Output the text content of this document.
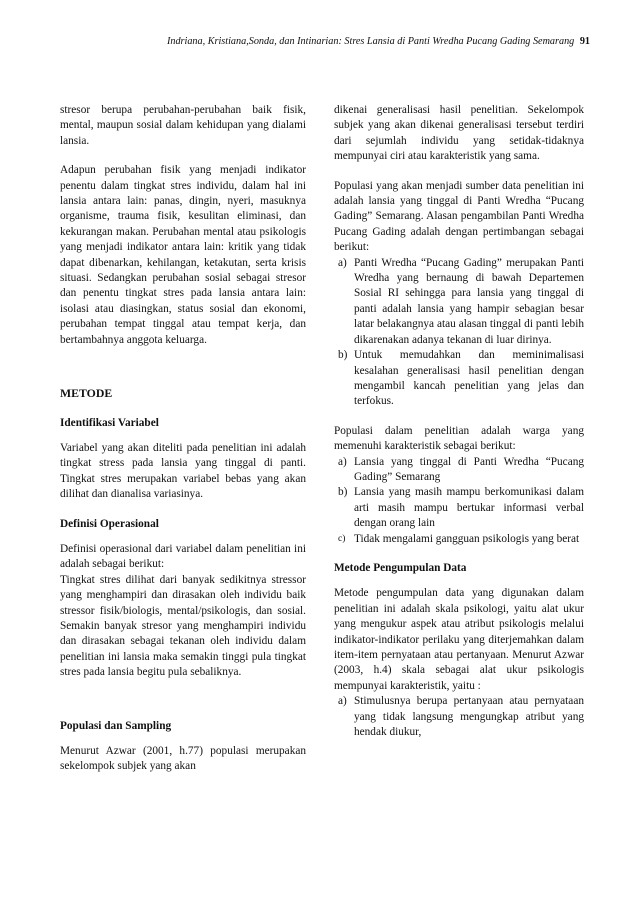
Indriana, Kristiana,Sonda, dan Intinarian: Stres Lansia di Panti Wredha Pucang Gading Semarang 91

stresor berupa perubahan-perubahan baik fisik, mental, maupun sosial dalam kehidupan yang dialami lansia.

Adapun perubahan fisik yang menjadi indikator penentu dalam tingkat stres individu, dalam hal ini lansia antara lain: panas, dingin, nyeri, masuknya organisme, trauma fisik, kesulitan eliminasi, dan kekurangan makan. Perubahan mental atau psikologis yang menjadi indikator antara lain: kritik yang tidak dapat dibenarkan, kehilangan, ketakutan, serta krisis situasi. Sedangkan perubahan sosial sebagai stresor dan penentu tingkat stres pada lansia antara lain: isolasi atau diasingkan, status sosial dan ekonomi, perubahan tempat tinggal atau tempat kerja, dan bertambahnya anggota keluarga.

METODE
Identifikasi Variabel

Variabel yang akan diteliti pada penelitian ini adalah tingkat stress pada lansia yang tinggal di panti. Tingkat stres merupakan variabel bebas yang akan dilihat dan dianalisa variasinya.

Definisi Operasional

Definisi operasional dari variabel dalam penelitian ini adalah sebagai berikut:

Tingkat stres dilihat dari banyak sedikitnya stressor yang menghampiri dan dirasakan oleh individu baik stressor fisik/biologis, mental/psikologis, dan sosial. Semakin banyak stresor yang menghampiri individu dan dirasakan sebagai tekanan oleh individu dalam penelitian ini lansia maka semakin tinggi pula tingkat stres pada lansia begitu pula sebaliknya.

Populasi dan Sampling

Menurut Azwar (2001, h.77) populasi merupakan sekelompok subjek yang akan

dikenai generalisasi hasil penelitian. Sekelompok subjek yang akan dikenai generalisasi tersebut terdiri dari sejumlah individu yang setidak-tidaknya mempunyai ciri atau karakteristik yang sama.

Populasi yang akan menjadi sumber data penelitian ini adalah lansia yang tinggal di Panti Wredha “Pucang Gading” Semarang. Alasan pengambilan Panti Wredha Pucang Gading adalah dengan pertimbangan sebagai berikut:

a) Panti Wredha “Pucang Gading” merupakan Panti Wredha yang bernaung di bawah Departemen Sosial RI sehingga para lansia yang tinggal di panti adalah lansia yang hampir sebagian besar latar belakangnya atau alasan tinggal di panti lebih dikarenakan adanya tekanan di luar dirinya.
b) Untuk memudahkan dan meminimalisasi kesalahan generalisasi hasil penelitian dengan mengambil kancah penelitian yang jelas dan terfokus.

Populasi dalam penelitian adalah warga yang memenuhi karakteristik sebagai berikut:

a) Lansia yang tinggal di Panti Wredha “Pucang Gading” Semarang
b) Lansia yang masih mampu berkomunikasi dalam arti masih mampu bertukar informasi verbal dengan orang lain
c) Tidak mengalami gangguan psikologis yang berat
Metode Pengumpulan Data

Metode pengumpulan data yang digunakan dalam penelitian ini adalah skala psikologi, yaitu alat ukur yang mengukur aspek atau atribut psikologis melalui indikator-indikator perilaku yang diterjemahkan dalam item-item pernyataan atau pertanyaan. Menurut Azwar (2003, h.4) skala sebagai alat ukur psikologis mempunyai karakteristik, yaitu :

a) Stimulusnya berupa pertanyaan atau pernyataan yang tidak langsung mengungkap atribut yang hendak diukur,
